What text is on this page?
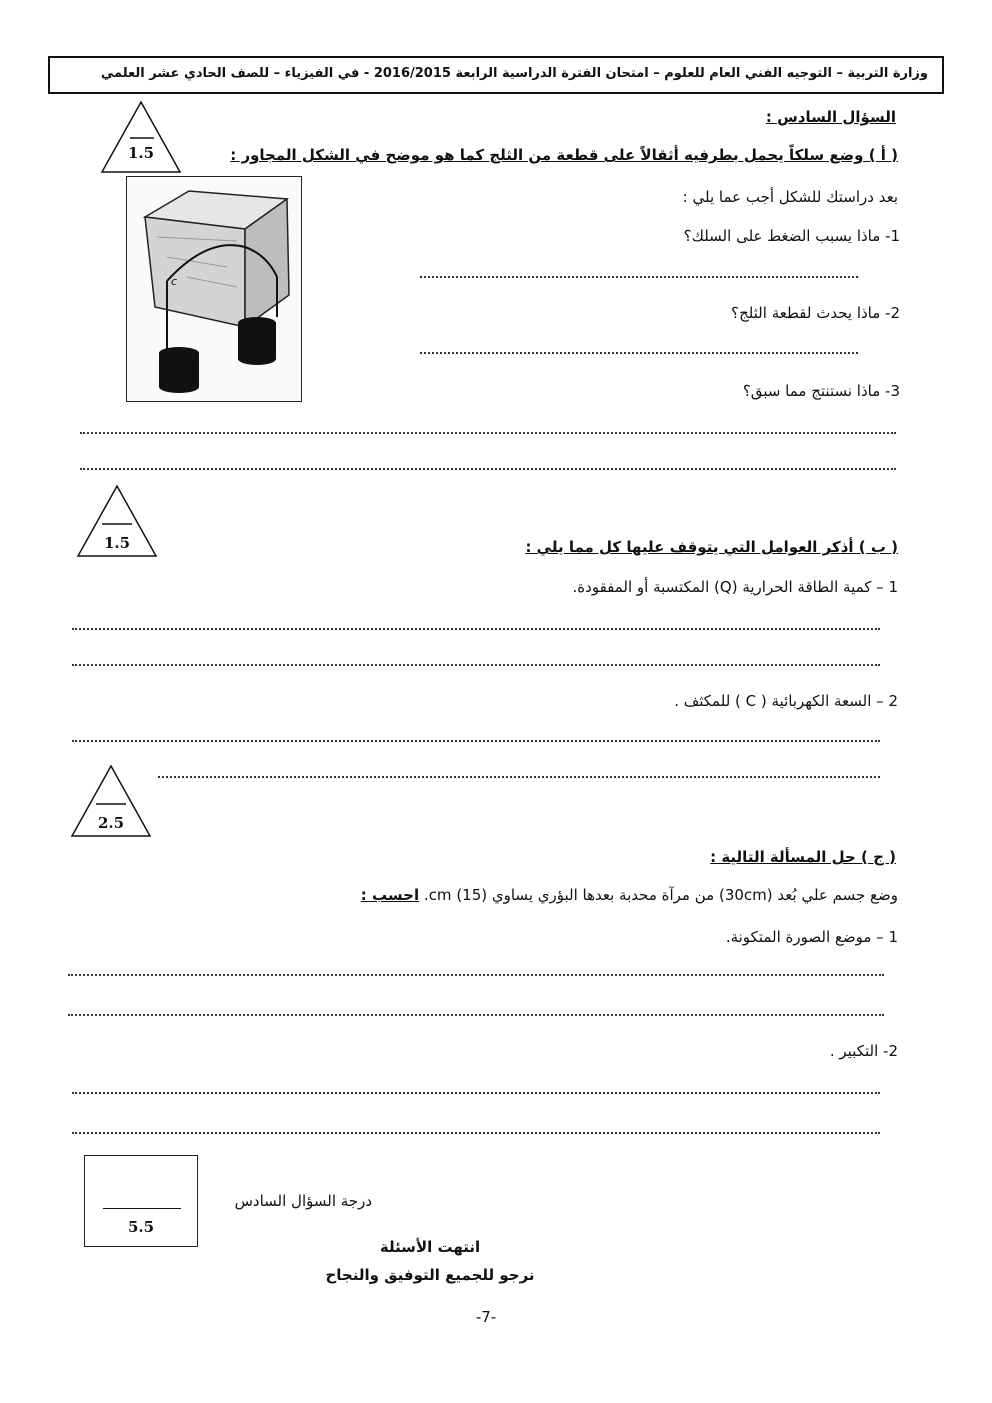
وزارة التربية – التوجيه الفني العام للعلوم – امتحان الفترة الدراسية الرابعة 2016/2015 - في الفيزياء – للصف الحادي عشر العلمي
السؤال السادس :
1.5	( أ ) وضع سلكاً يحمل بطرفيه أثقالاً على قطعة من الثلج كما هو موضح في الشكل المجاور :
c
بعد دراستك للشكل أجب عما يلي :
1- ماذا يسبب الضغط على السلك؟
2- ماذا يحدث لقطعة الثلج؟
3- ماذا نستنتج مما سبق؟
1.5	( ب ) أذكر العوامل التي يتوقف عليها كل مما يلي :
1 – كمية الطاقة الحرارية (Q) المكتسبة أو المفقودة.
2 – السعة الكهربائية ( C ) للمكثف .
2.5
( ج ) حل المسألة التالية :
وضع جسم علي بُعد (30cm) من مرآة محدبة بعدها البؤري يساوي cm (15). احسب :
1 – موضع الصورة المتكونة.
2- التكبير .
5.5
درجة السؤال السادس
انتهت الأسئلة
نرجو للجميع التوفيق والنجاح
-7-
